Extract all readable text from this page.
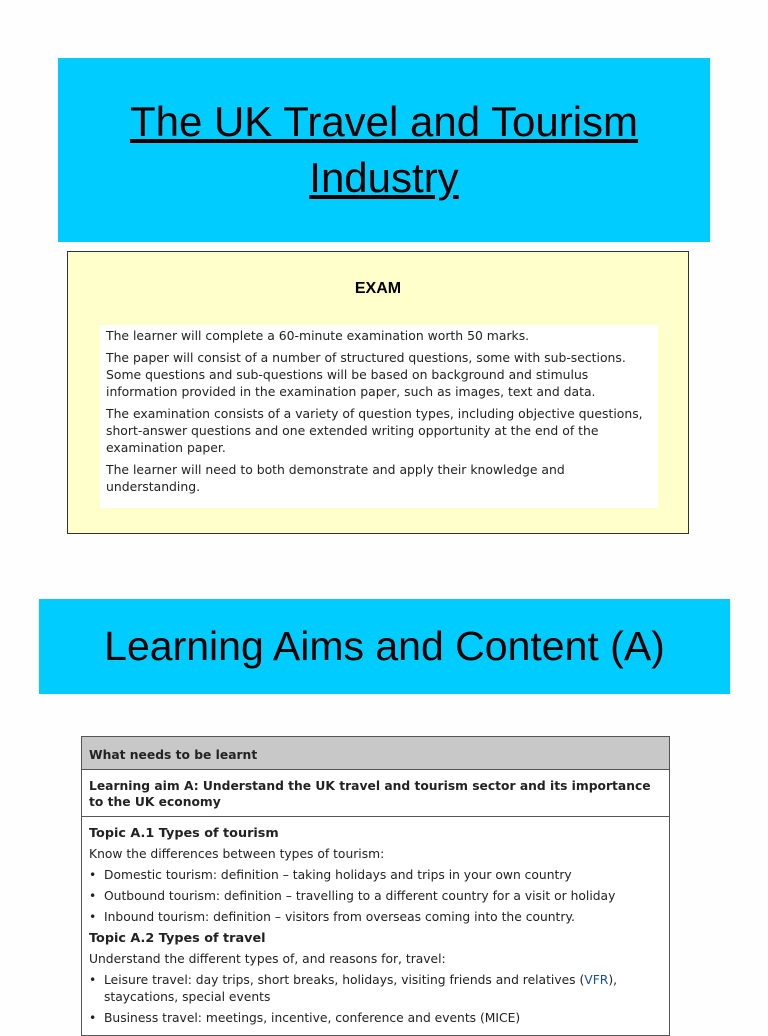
The UK Travel and Tourism
Industry
EXAM

The learner will complete a 60-minute examination worth 50 marks.

The paper will consist of a number of structured questions, some with sub-sections. Some questions and sub-questions will be based on background and stimulus information provided in the examination paper, such as images, text and data.

The examination consists of a variety of question types, including objective questions, short-answer questions and one extended writing opportunity at the end of the examination paper.

The learner will need to both demonstrate and apply their knowledge and understanding.

Learning Aims and Content (A)
What needs to be learnt
Learning aim A: Understand the UK travel and tourism sector and its importance to the UK economy
Topic A.1 Types of tourism
Know the differences between types of tourism:
• Domestic tourism: definition – taking holidays and trips in your own country
• Outbound tourism: definition – travelling to a different country for a visit or holiday
• Inbound tourism: definition – visitors from overseas coming into the country.
Topic A.2 Types of travel
Understand the different types of, and reasons for, travel:
• Leisure travel: day trips, short breaks, holidays, visiting friends and relatives (VFR), staycations, special events
• Business travel: meetings, incentive, conference and events (MICE)
